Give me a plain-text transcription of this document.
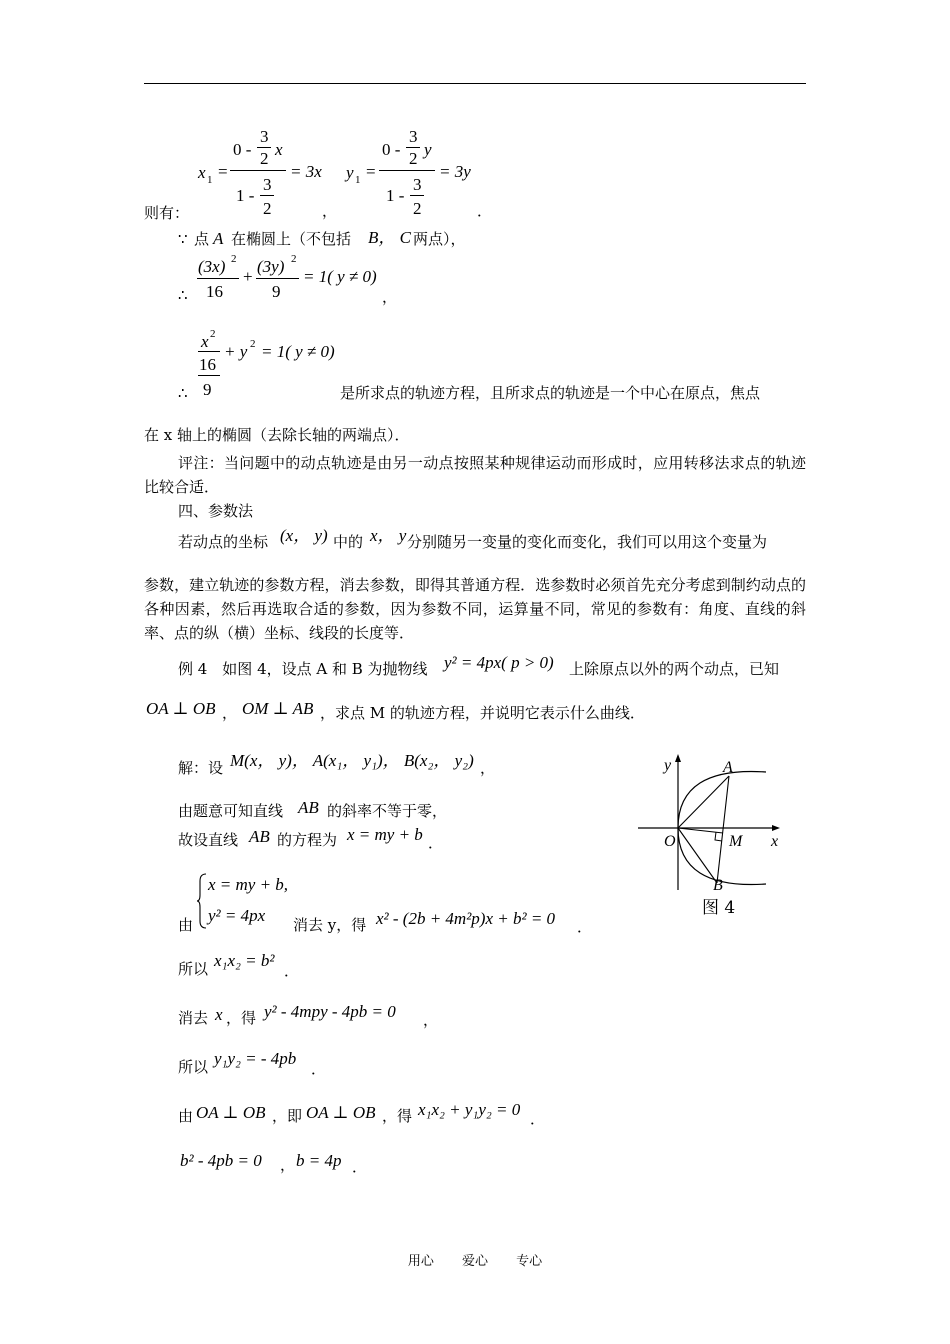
则有：
x 1 =
0 -
3
2 x
1 -
3
2
= 3x
，
y 1 =
0 -
3
2 y
1 -
3
2
= 3y
．
∵ 点 A 在椭圆上（不包括 B， C 两点），
∴
(3x) 2
16
+
(3y) 2
9
= 1( y ≠ 0)
，
∴
x 2
16
9
+ y 2 = 1( y ≠ 0)
是所求点的轨迹方程，且所求点的轨迹是一个中心在原点，焦点
在 x 轴上的椭圆（去除长轴的两端点）．
评注：当问题中的动点轨迹是由另一动点按照某种规律运动而形成时，应用转移法求点的轨迹比较合适．
四、参数法
若动点的坐标 (x， y) 中的 x， y 分别随另一变量的变化而变化，我们可以用这个变量为
参数，建立轨迹的参数方程，消去参数，即得其普通方程．选参数时必须首先充分考虑到制约动点的各种因素，然后再选取合适的参数，因为参数不同，运算量不同，常见的参数有：角度、直线的斜率、点的纵（横）坐标、线段的长度等．
例 4　如图 4，设点 A 和 B 为抛物线 y² = 4px( p > 0) 上除原点以外的两个动点，已知
OA ⊥ OB ， OM ⊥ AB ，求点 M 的轨迹方程，并说明它表示什么曲线．
解：设 M(x， y)， A(x₁， y₁)， B(x₂， y₂) ，
由题意可知直线 AB 的斜率不等于零，
故设直线 AB 的方程为 x = my + b ．
由
x = my + b,
y² = 4px 消去 y，得 x² - (2b + 4m²p)x + b² = 0 ．
所以 x₁x₂ = b²
．
消去 x ，得 y² - 4mpy - 4pb = 0 ，
所以 y₁y₂ = - 4pb
．
由 OA ⊥ OB ，即 OA ⊥ OB ，得 x₁x₂ + y₁y₂ = 0 ．
b² - 4pb = 0 ， b = 4p ．
y	A
O	M x
B
图 4
用心 爱心 专心
